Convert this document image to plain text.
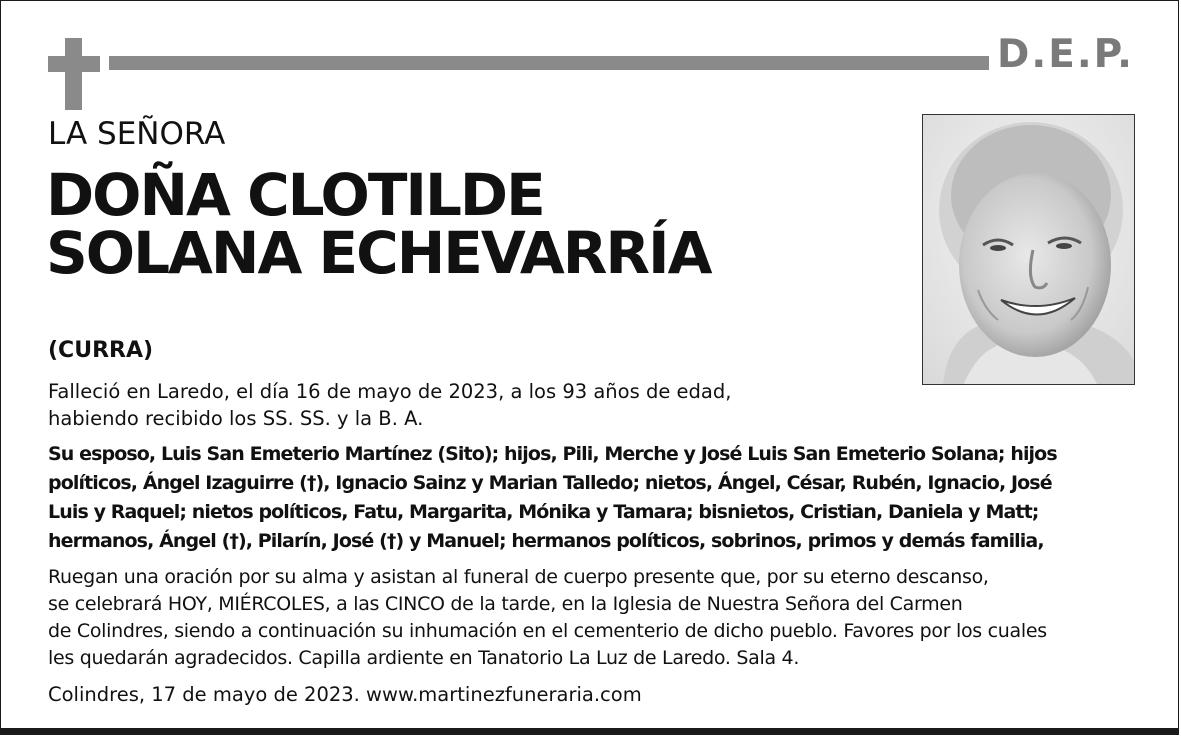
D.E.P.
LA SEÑORA
DOÑA CLOTILDE
SOLANA ECHEVARRÍA
(CURRA)
Falleció en Laredo, el día 16 de mayo de 2023, a los 93 años de edad,
habiendo recibido los SS. SS. y la B. A.
Su esposo, Luis San Emeterio Martínez (Sito); hijos, Pili, Merche y José Luis San Emeterio Solana; hijos
políticos, Ángel Izaguirre (†), Ignacio Sainz y Marian Talledo; nietos, Ángel, César, Rubén, Ignacio, José
Luis y Raquel; nietos políticos, Fatu, Margarita, Mónika y Tamara; bisnietos, Cristian, Daniela y Matt;
hermanos, Ángel (†), Pilarín, José (†) y Manuel; hermanos políticos, sobrinos, primos y demás familia,
Ruegan una oración por su alma y asistan al funeral de cuerpo presente que, por su eterno descanso,
se celebrará HOY, MIÉRCOLES, a las CINCO de la tarde, en la Iglesia de Nuestra Señora del Carmen
de Colindres, siendo a continuación su inhumación en el cementerio de dicho pueblo. Favores por los cuales
les quedarán agradecidos. Capilla ardiente en Tanatorio La Luz de Laredo. Sala 4.
Colindres, 17 de mayo de 2023. www.martinezfuneraria.com
